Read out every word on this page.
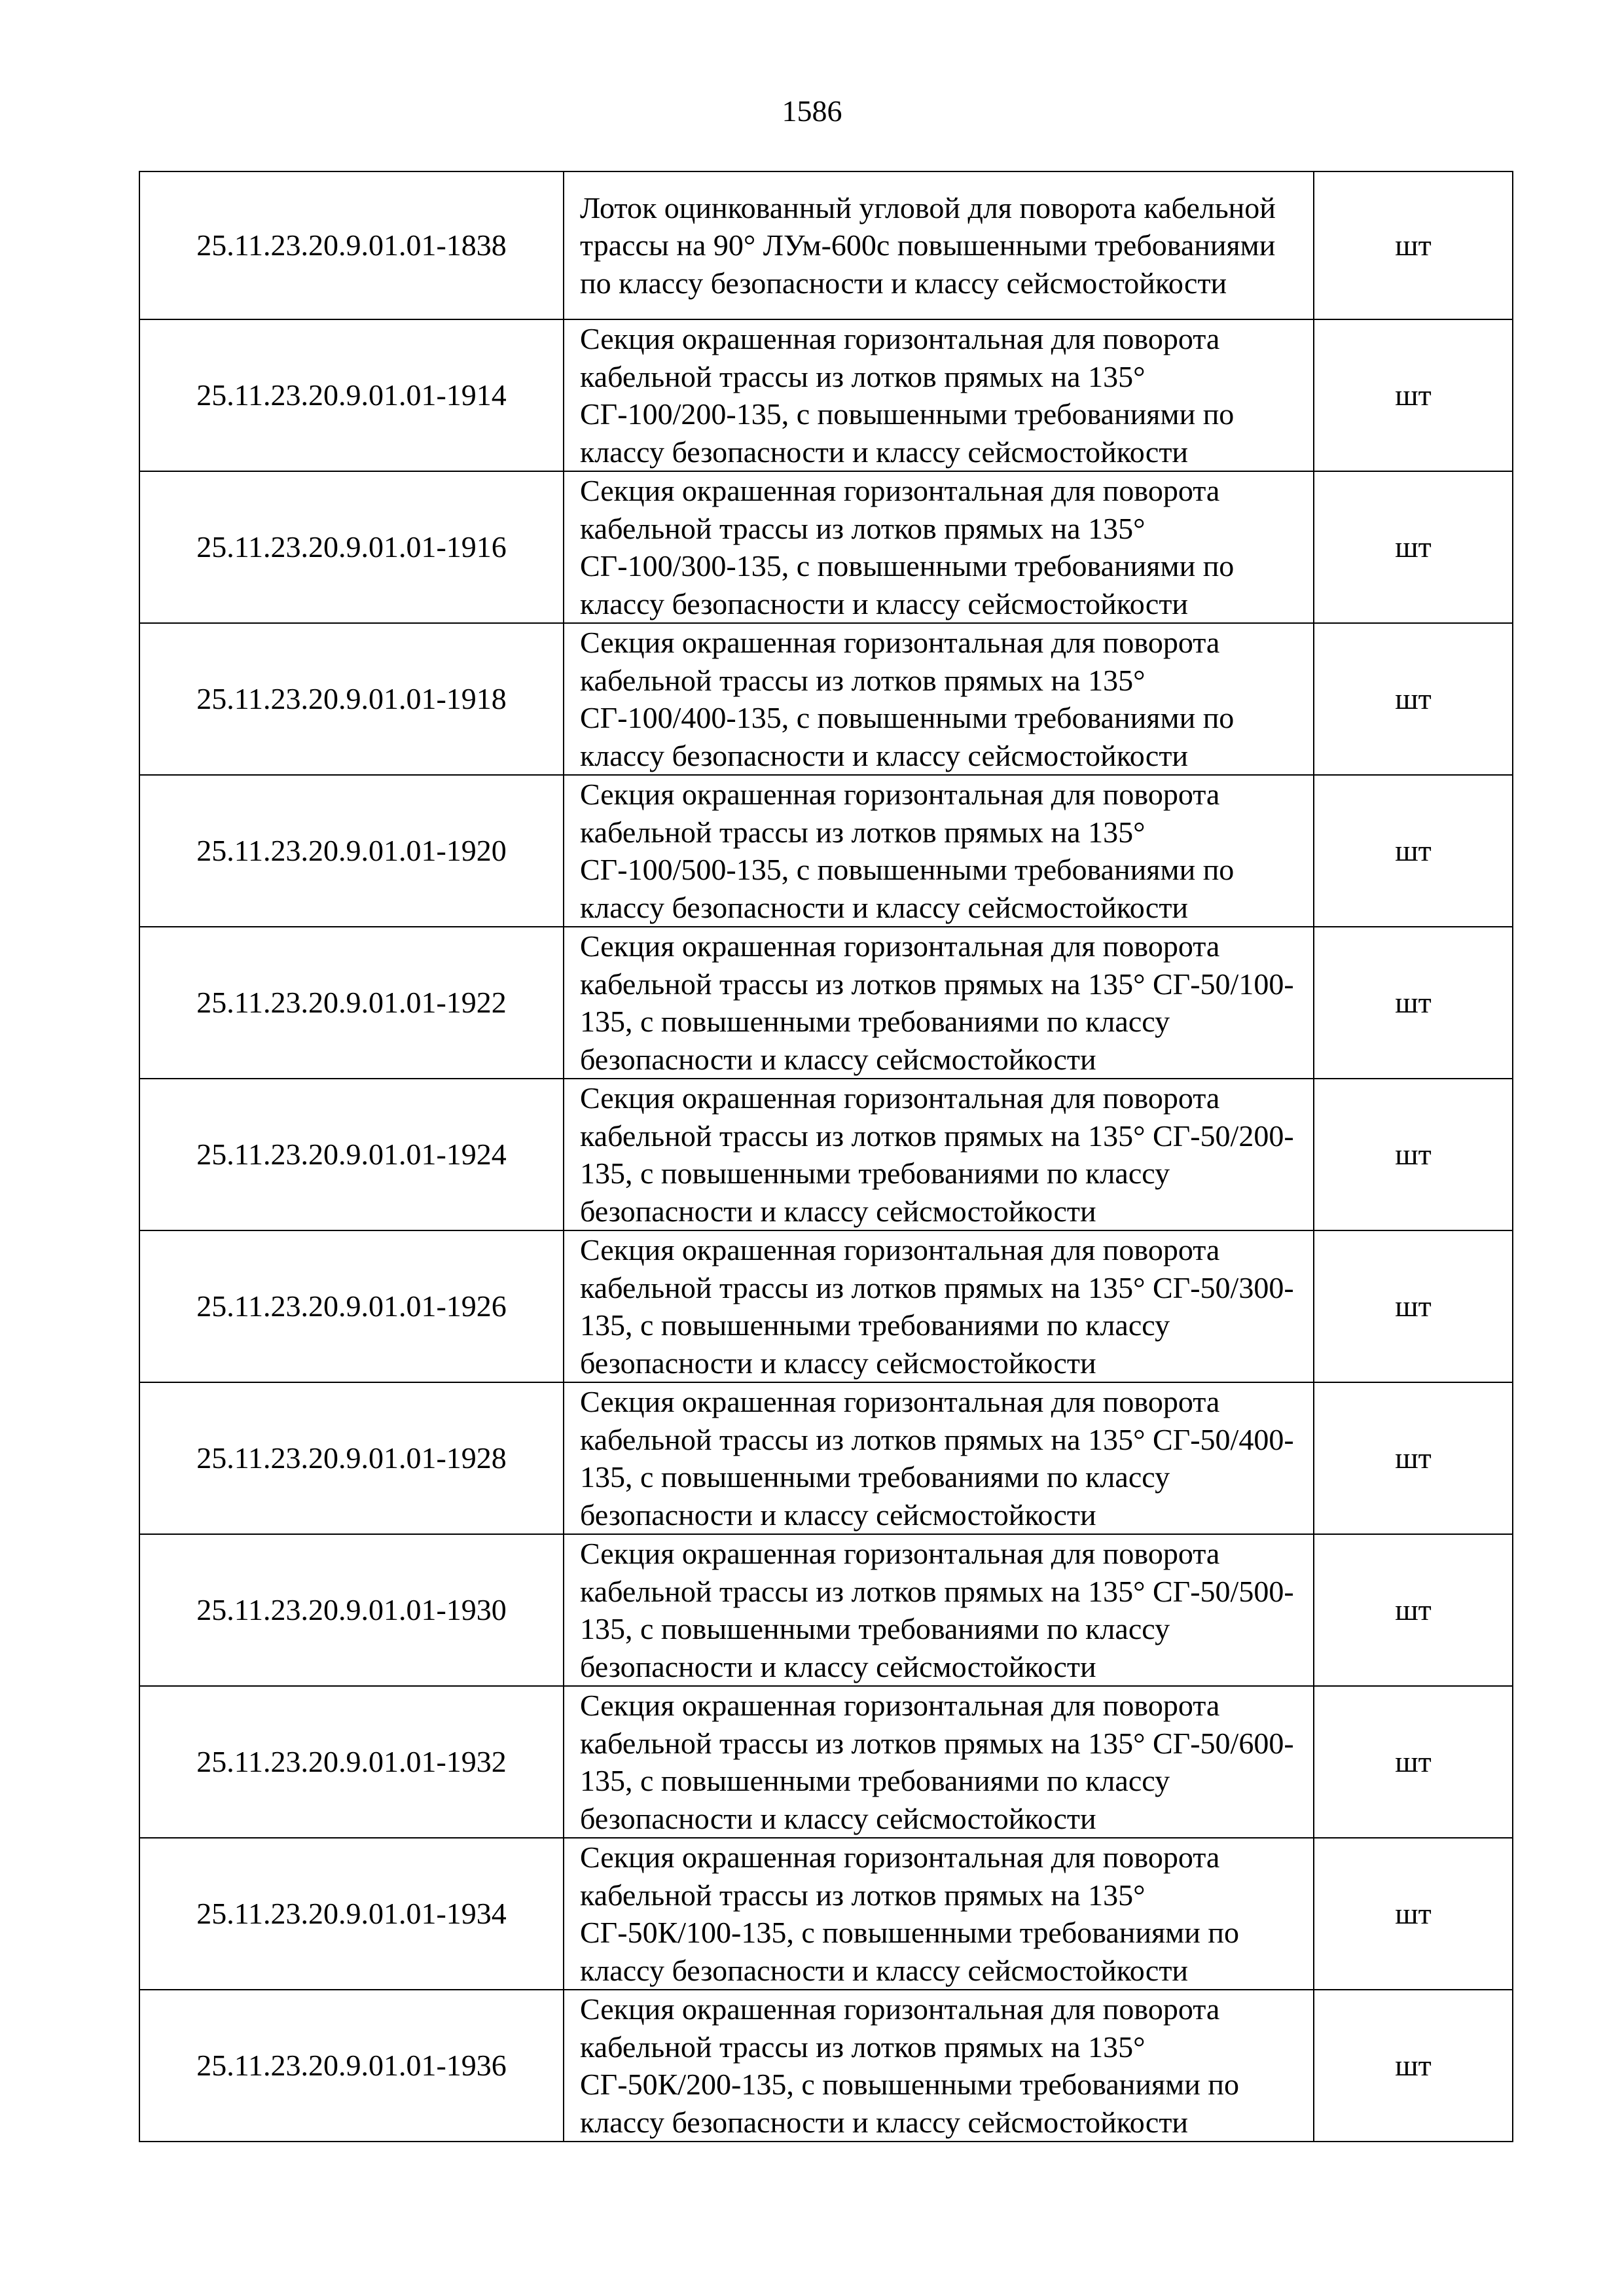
1586
25.11.23.20.9.01.01-1838	Лоток оцинкованный угловой для поворота кабельной трассы на 90° ЛУм-600с повышенными требованиями по классу безопасности и классу сейсмостойкости	шт
25.11.23.20.9.01.01-1914	Секция окрашенная горизонтальная для поворота кабельной трассы из лотков прямых на 135° СГ-100/200-135, с повышенными требованиями по классу безопасности и классу сейсмостойкости	шт
25.11.23.20.9.01.01-1916	Секция окрашенная горизонтальная для поворота кабельной трассы из лотков прямых на 135° СГ-100/300-135, с повышенными требованиями по классу безопасности и классу сейсмостойкости	шт
25.11.23.20.9.01.01-1918	Секция окрашенная горизонтальная для поворота кабельной трассы из лотков прямых на 135° СГ-100/400-135, с повышенными требованиями по классу безопасности и классу сейсмостойкости	шт
25.11.23.20.9.01.01-1920	Секция окрашенная горизонтальная для поворота кабельной трассы из лотков прямых на 135° СГ-100/500-135, с повышенными требованиями по классу безопасности и классу сейсмостойкости	шт
25.11.23.20.9.01.01-1922	Секция окрашенная горизонтальная для поворота кабельной трассы из лотков прямых на 135° СГ-50/100-135, с повышенными требованиями по классу безопасности и классу сейсмостойкости	шт
25.11.23.20.9.01.01-1924	Секция окрашенная горизонтальная для поворота кабельной трассы из лотков прямых на 135° СГ-50/200-135, с повышенными требованиями по классу безопасности и классу сейсмостойкости	шт
25.11.23.20.9.01.01-1926	Секция окрашенная горизонтальная для поворота кабельной трассы из лотков прямых на 135° СГ-50/300-135, с повышенными требованиями по классу безопасности и классу сейсмостойкости	шт
25.11.23.20.9.01.01-1928	Секция окрашенная горизонтальная для поворота кабельной трассы из лотков прямых на 135° СГ-50/400-135, с повышенными требованиями по классу безопасности и классу сейсмостойкости	шт
25.11.23.20.9.01.01-1930	Секция окрашенная горизонтальная для поворота кабельной трассы из лотков прямых на 135° СГ-50/500-135, с повышенными требованиями по классу безопасности и классу сейсмостойкости	шт
25.11.23.20.9.01.01-1932	Секция окрашенная горизонтальная для поворота кабельной трассы из лотков прямых на 135° СГ-50/600-135, с повышенными требованиями по классу безопасности и классу сейсмостойкости	шт
25.11.23.20.9.01.01-1934	Секция окрашенная горизонтальная для поворота кабельной трассы из лотков прямых на 135° СГ-50К/100-135, с повышенными требованиями по классу безопасности и классу сейсмостойкости	шт
25.11.23.20.9.01.01-1936	Секция окрашенная горизонтальная для поворота кабельной трассы из лотков прямых на 135° СГ-50К/200-135, с повышенными требованиями по классу безопасности и классу сейсмостойкости	шт
